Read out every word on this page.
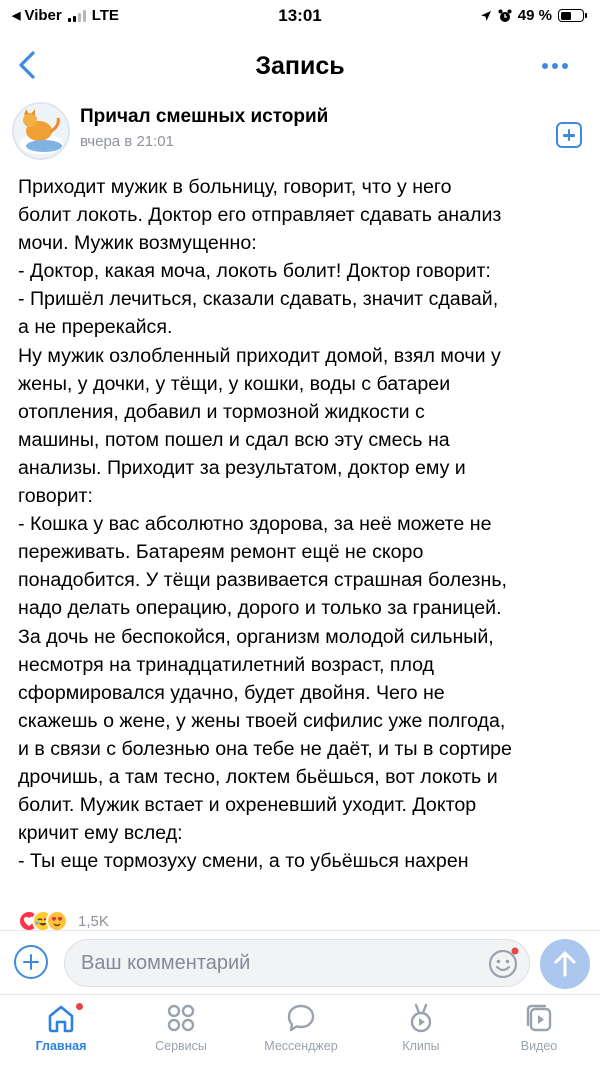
◀ Viber LTE	13:01	49 %
Запись
Причал смешных историй
вчера в 21:01
Приходит мужик в больницу, говорит, что у него
болит локоть. Доктор его отправляет сдавать анализ
мочи. Мужик возмущенно:
- Доктор, какая моча, локоть болит! Доктор говорит:
- Пришёл лечиться, сказали сдавать, значит сдавай,
а не пререкайся.
Ну мужик озлобленный приходит домой, взял мочи у
жены, у дочки, у тёщи, у кошки, воды с батареи
отопления, добавил и тормозной жидкости с
машины, потом пошел и сдал всю эту смесь на
анализы. Приходит за результатом, доктор ему и
говорит:
- Кошка у вас абсолютно здорова, за неё можете не
переживать. Батареям ремонт ещё не скоро
понадобится. У тёщи развивается страшная болезнь,
надо делать операцию, дорого и только за границей.
За дочь не беспокойся, организм молодой сильный,
несмотря на тринадцатилетний возраст, плод
сформировался удачно, будет двойня. Чего не
скажешь о жене, у жены твоей сифилис уже полгода,
и в связи с болезнью она тебе не даёт, и ты в сортире
дрочишь, а там тесно, локтем бьёшься, вот локоть и
болит. Мужик встает и охреневший уходит. Доктор
кричит ему вслед:
- Ты еще тормозуху смени, а то убьёшься нахрен
1,5K
Ваш комментарий
Главная	Сервисы	Мессенджер	Клипы	Видео
